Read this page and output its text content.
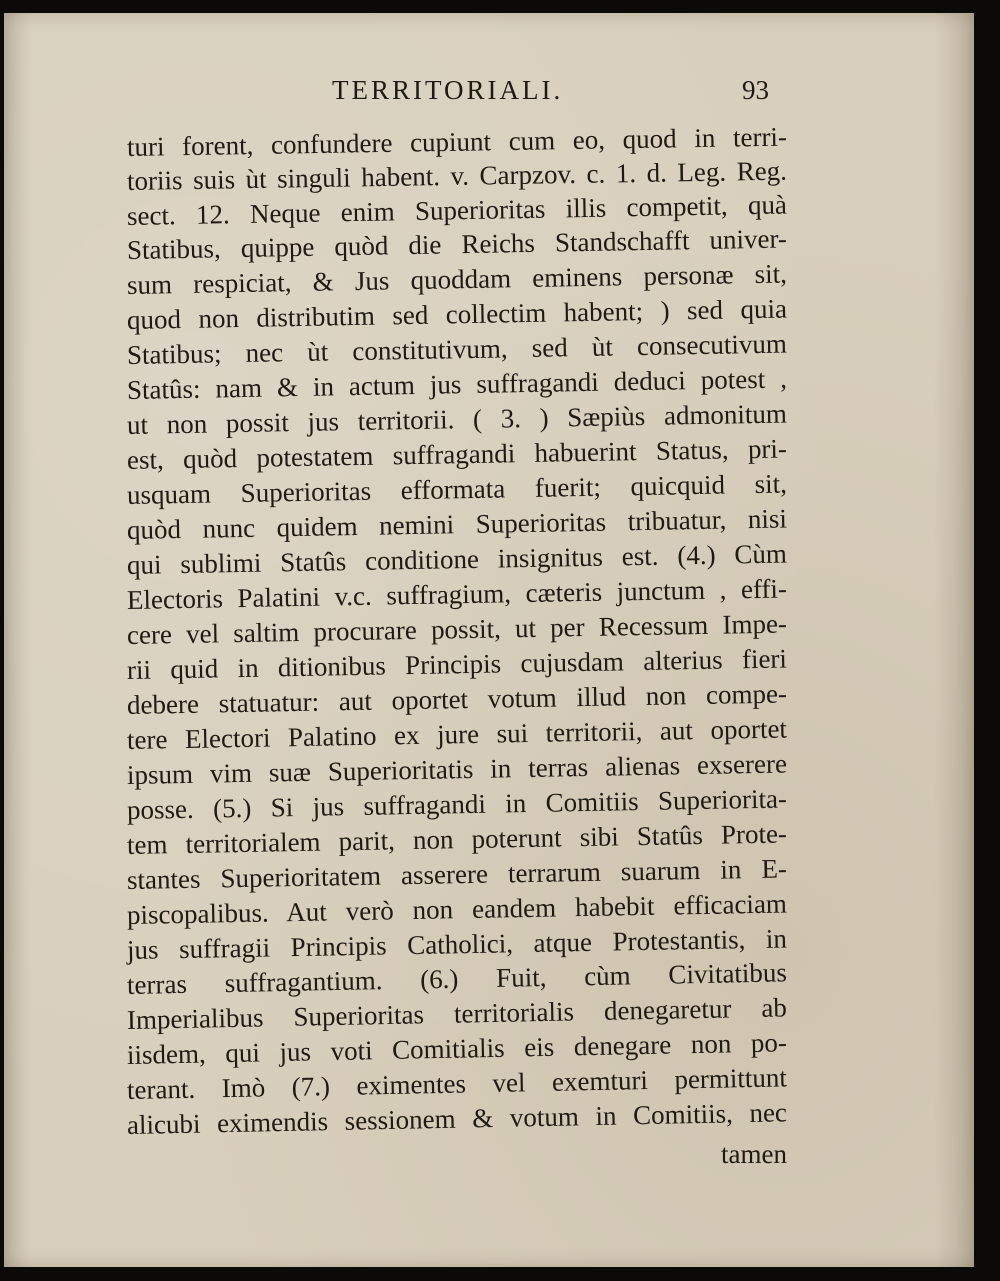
TERRITORIALI.	93
turi forent, confundere cupiunt cum eo, quod in terri-
toriis suis ùt singuli habent. v. Carpzov. c. 1. d. Leg. Reg.
sect. 12. Neque enim Superioritas illis competit, quà
Statibus, quippe quòd die Reichs Standschafft univer-
sum respiciat, & Jus quoddam eminens personæ sit,
quod non distributim sed collectim habent; ) sed quia
Statibus; nec ùt constitutivum, sed ùt consecutivum
Statûs: nam & in actum jus suffragandi deduci potest ,
ut non possit jus territorii. ( 3. ) Sæpiùs admonitum
est, quòd potestatem suffragandi habuerint Status, pri-
usquam Superioritas efformata fuerit; quicquid sit,
quòd nunc quidem nemini Superioritas tribuatur, nisi
qui sublimi Statûs conditione insignitus est. (4.) Cùm
Electoris Palatini v.c. suffragium, cæteris junctum , effi-
cere vel saltim procurare possit, ut per Recessum Impe-
rii quid in ditionibus Principis cujusdam alterius fieri
debere statuatur: aut oportet votum illud non compe-
tere Electori Palatino ex jure sui territorii, aut oportet
ipsum vim suæ Superioritatis in terras alienas exserere
posse. (5.) Si jus suffragandi in Comitiis Superiorita-
tem territorialem parit, non poterunt sibi Statûs Prote-
stantes Superioritatem asserere terrarum suarum in E-
piscopalibus. Aut verò non eandem habebit efficaciam
jus suffragii Principis Catholici, atque Protestantis, in
terras suffragantium. (6.) Fuit, cùm Civitatibus
Imperialibus Superioritas territorialis denegaretur ab
iisdem, qui jus voti Comitialis eis denegare non po-
terant. Imò (7.) eximentes vel exemturi permittunt
alicubi eximendis sessionem & votum in Comitiis, nec
tamen
